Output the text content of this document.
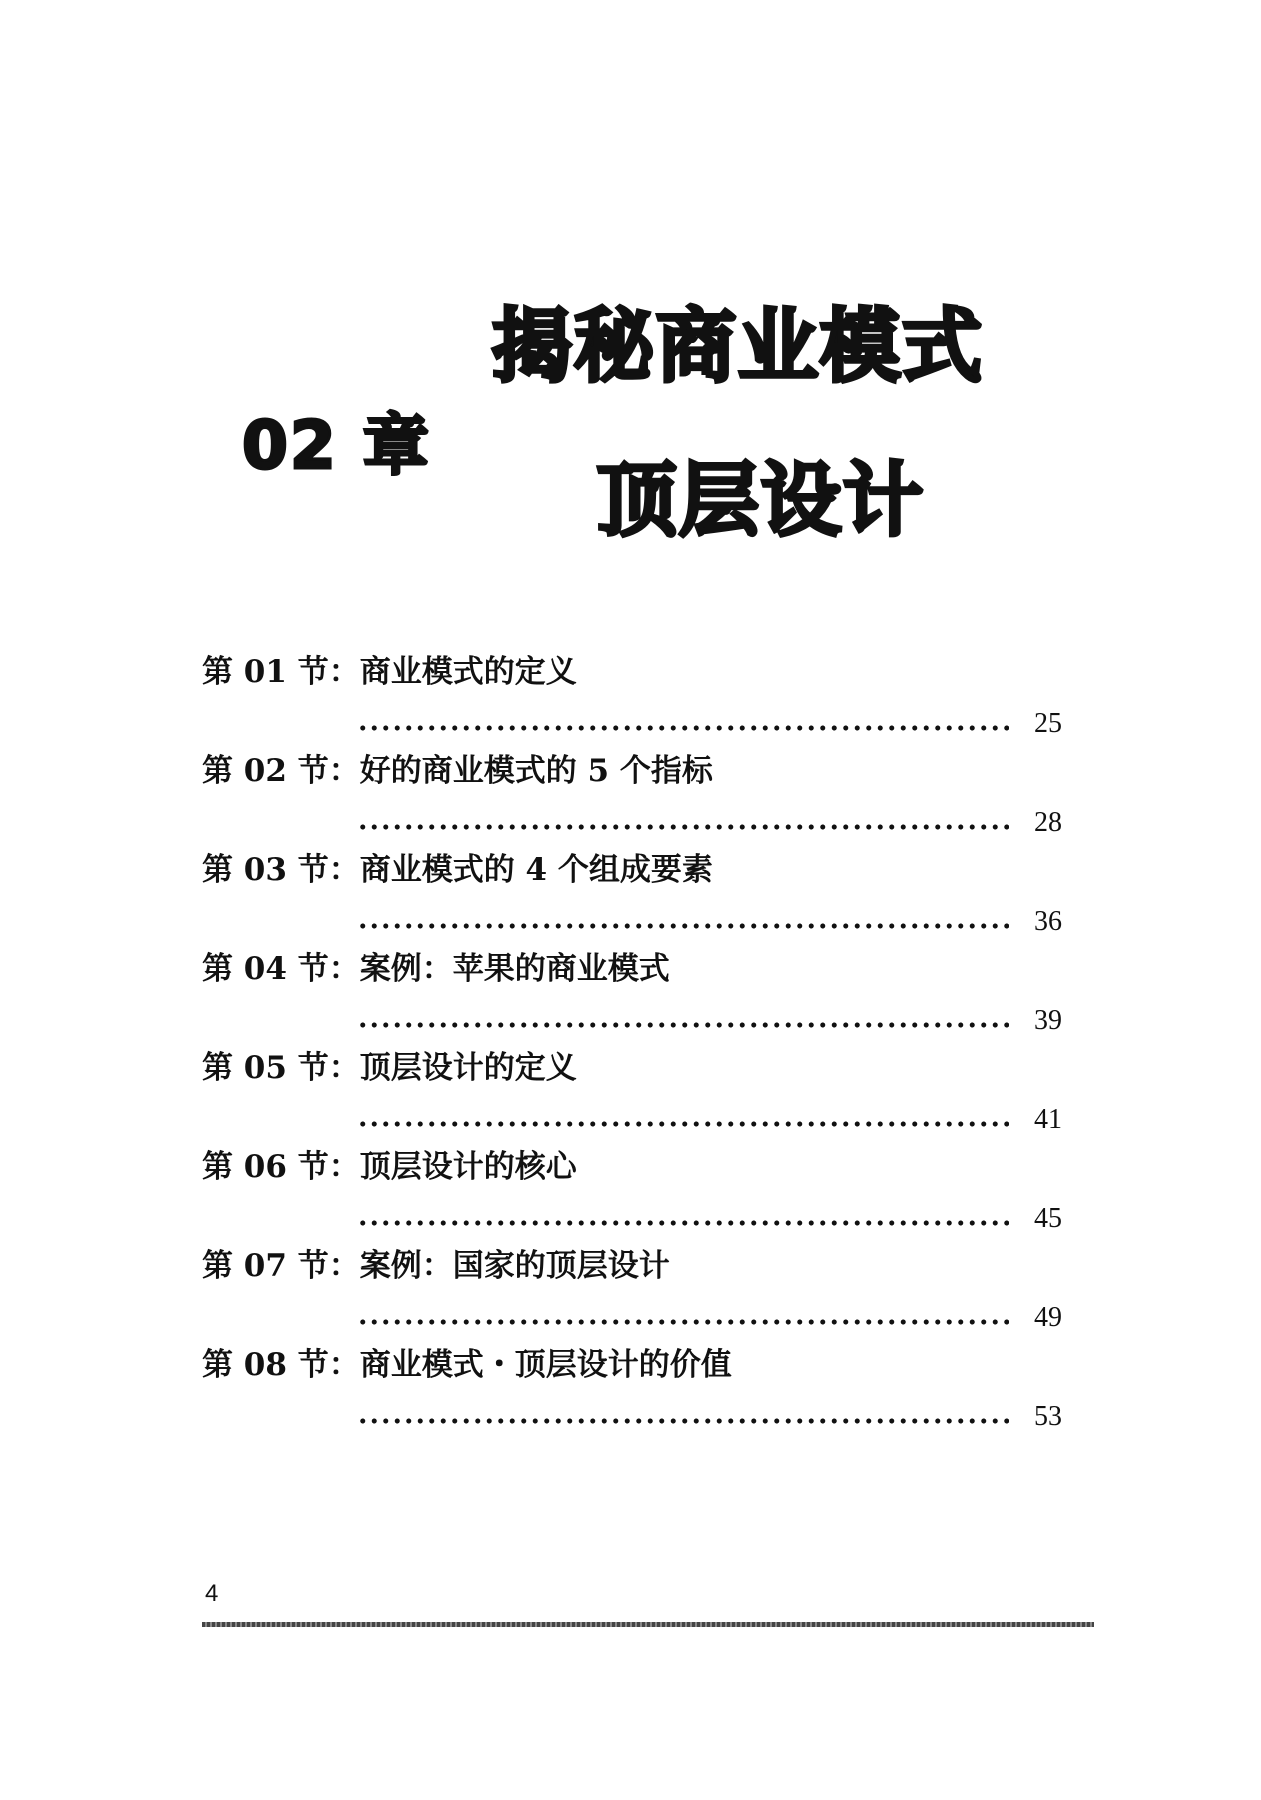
02 章
揭秘商业模式
顶层设计
第 01 节：商业模式的定义
25
第 02 节：好的商业模式的 5 个指标
28
第 03 节：商业模式的 4 个组成要素
36
第 04 节：案例：苹果的商业模式
39
第 05 节：顶层设计的定义
41
第 06 节：顶层设计的核心
45
第 07 节：案例：国家的顶层设计
49
第 08 节：商业模式・顶层设计的价值
53
4
